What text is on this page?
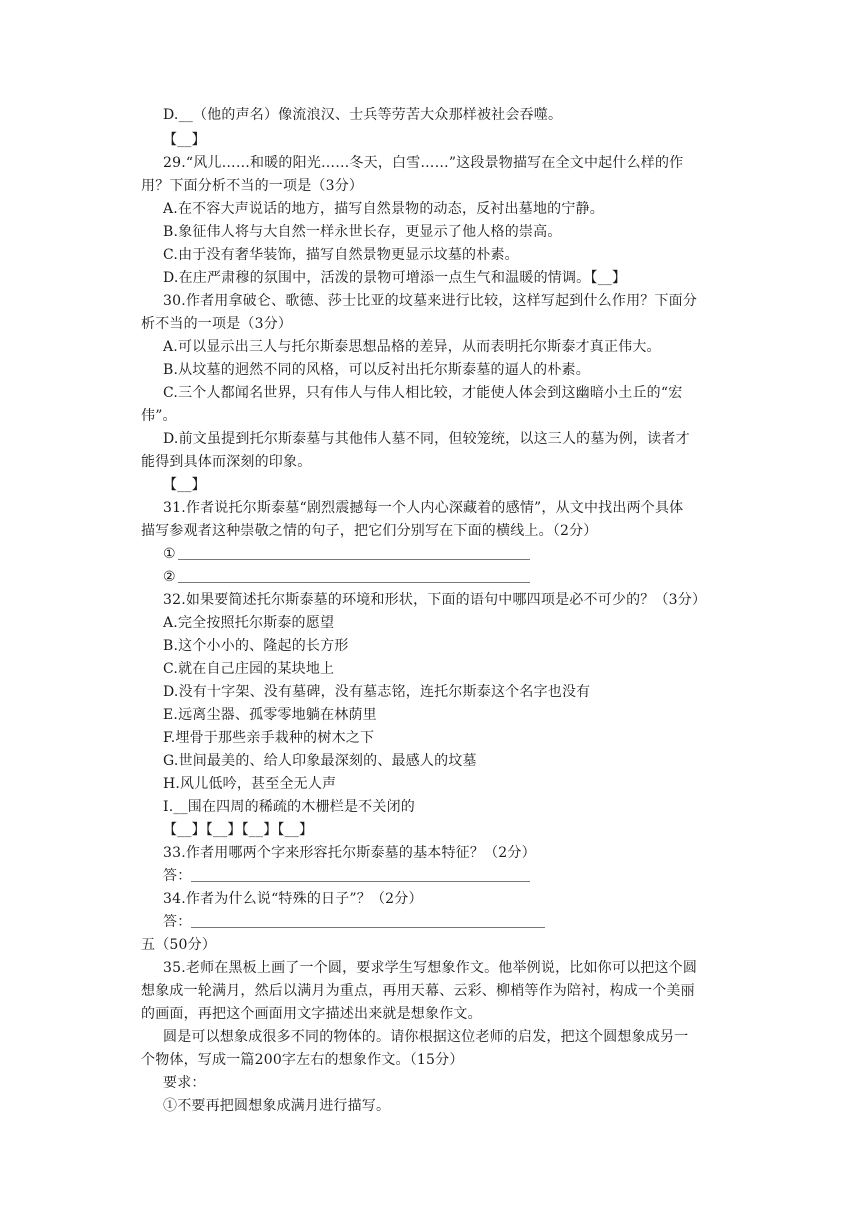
D.__（他的声名）像流浪汉、士兵等劳苦大众那样被社会吞噬。
【__】
29.“风儿……和暖的阳光……冬天，白雪……”这段景物描写在全文中起什么样的作
用？下面分析不当的一项是（3分）
A.在不容大声说话的地方，描写自然景物的动态，反衬出墓地的宁静。
B.象征伟人将与大自然一样永世长存，更显示了他人格的崇高。
C.由于没有奢华装饰，描写自然景物更显示坟墓的朴素。
D.在庄严肃穆的氛围中，活泼的景物可增添一点生气和温暖的情调。【__】
30.作者用拿破仑、歌德、莎士比亚的坟墓来进行比较，这样写起到什么作用？下面分
析不当的一项是（3分）
A.可以显示出三人与托尔斯泰思想品格的差异，从而表明托尔斯泰才真正伟大。
B.从坟墓的迥然不同的风格，可以反衬出托尔斯泰墓的逼人的朴素。
C.三个人都闻名世界，只有伟人与伟人相比较，才能使人体会到这幽暗小土丘的“宏
伟”。
D.前文虽提到托尔斯泰墓与其他伟人墓不同，但较笼统，以这三人的墓为例，读者才
能得到具体而深刻的印象。
【__】
31.作者说托尔斯泰墓“剧烈震撼每一个人内心深藏着的感情”，从文中找出两个具体
描写参观者这种崇敬之情的句子，把它们分别写在下面的横线上。（2分）
①
②
32.如果要简述托尔斯泰墓的环境和形状，下面的语句中哪四项是必不可少的？（3分）
A.完全按照托尔斯泰的愿望
B.这个小小的、隆起的长方形
C.就在自己庄园的某块地上
D.没有十字架、没有墓碑，没有墓志铭，连托尔斯泰这个名字也没有
E.远离尘器、孤零零地躺在林荫里
F.埋骨于那些亲手栽种的树木之下
G.世间最美的、给人印象最深刻的、最感人的坟墓
H.风儿低吟，甚至全无人声
I.__围在四周的稀疏的木栅栏是不关闭的
【__】【__】【__】【__】
33.作者用哪两个字来形容托尔斯泰墓的基本特征？（2分）
答：
34.作者为什么说“特殊的日子”？（2分）
答：
五（50分）
35.老师在黑板上画了一个圆，要求学生写想象作文。他举例说，比如你可以把这个圆
想象成一轮满月，然后以满月为重点，再用天幕、云彩、柳梢等作为陪衬，构成一个美丽
的画面，再把这个画面用文字描述出来就是想象作文。
圆是可以想象成很多不同的物体的。请你根据这位老师的启发，把这个圆想象成另一
个物体，写成一篇200字左右的想象作文。（15分）
要求：
①不要再把圆想象成满月进行描写。
